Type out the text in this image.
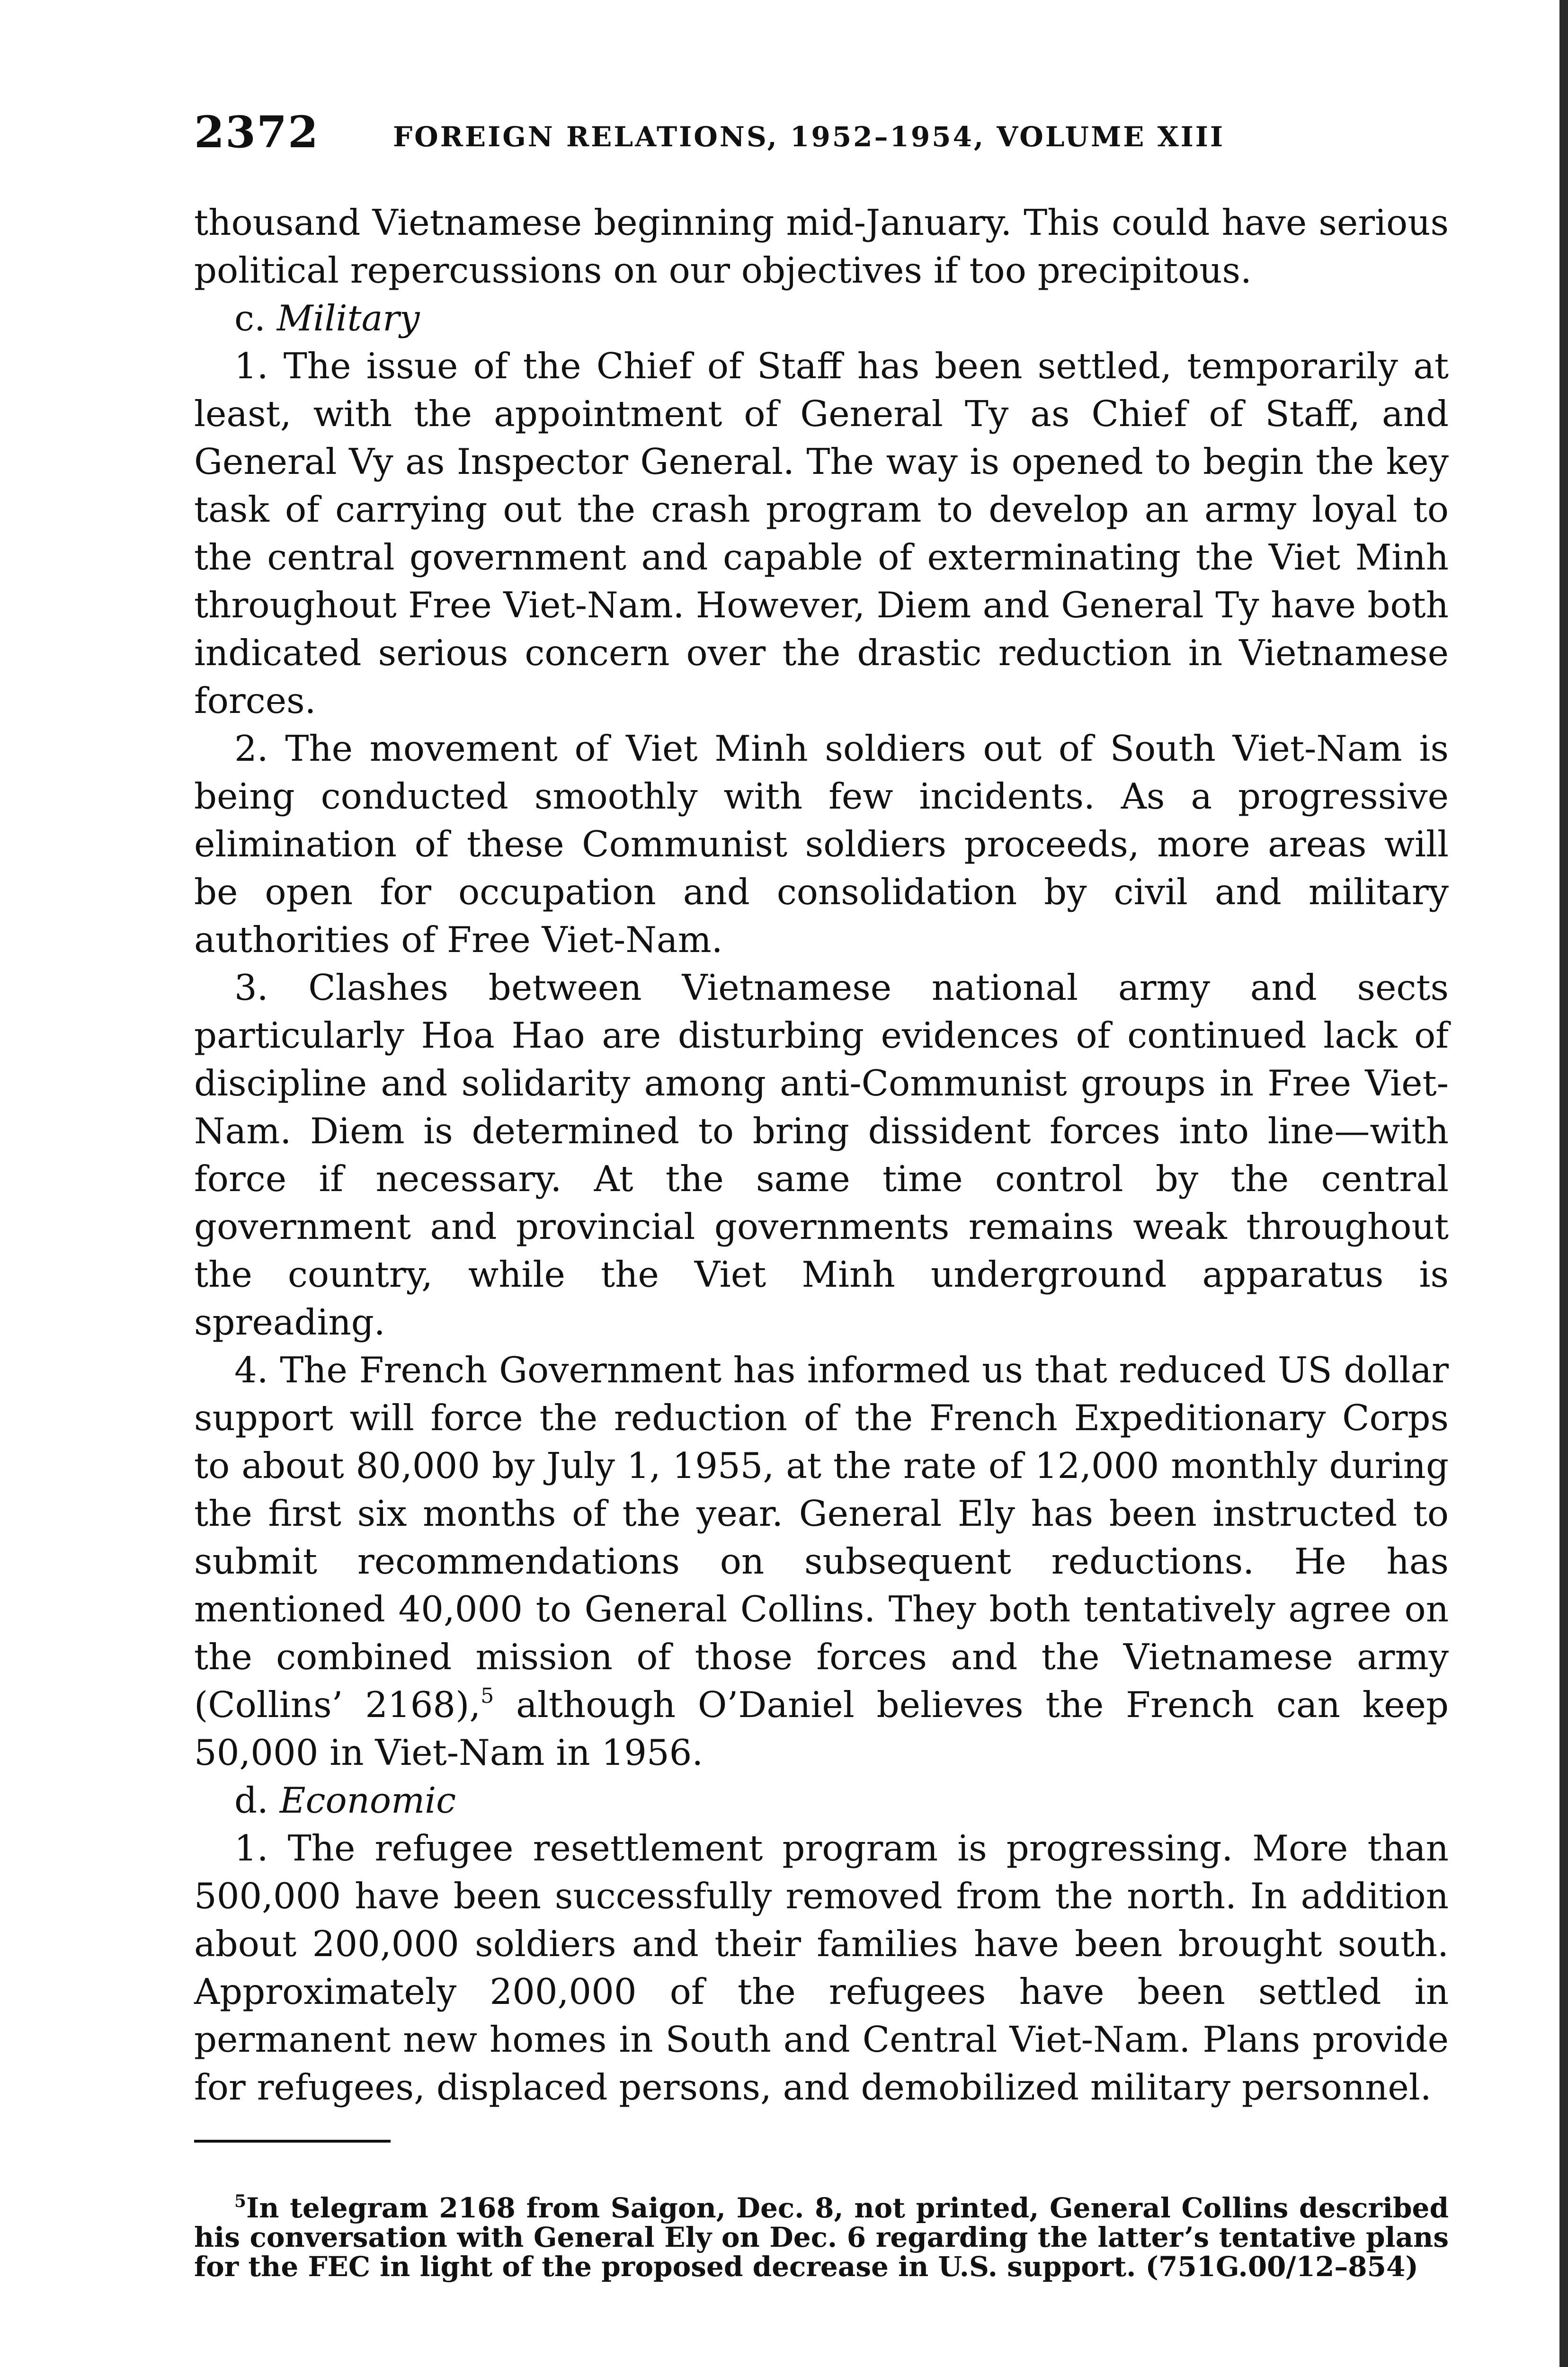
2372	FOREIGN RELATIONS, 1952–1954, VOLUME XIII

thousand Vietnamese beginning mid-January. This could have serious political repercussions on our objectives if too precipitous.

c. Military

1. The issue of the Chief of Staff has been settled, temporarily at least, with the appointment of General Ty as Chief of Staff, and General Vy as Inspector General. The way is opened to begin the key task of carrying out the crash program to develop an army loyal to the central government and capable of exterminating the Viet Minh throughout Free Viet-Nam. However, Diem and General Ty have both indicated serious concern over the drastic reduction in Vietnamese forces.

2. The movement of Viet Minh soldiers out of South Viet-Nam is being conducted smoothly with few incidents. As a progressive elimination of these Communist soldiers proceeds, more areas will be open for occupation and consolidation by civil and military authorities of Free Viet-Nam.

3. Clashes between Vietnamese national army and sects particularly Hoa Hao are disturbing evidences of continued lack of discipline and solidarity among anti-Communist groups in Free Viet-Nam. Diem is determined to bring dissident forces into line—with force if necessary. At the same time control by the central government and provincial governments remains weak throughout the country, while the Viet Minh underground apparatus is spreading.

4. The French Government has informed us that reduced US dollar support will force the reduction of the French Expeditionary Corps to about 80,000 by July 1, 1955, at the rate of 12,000 monthly during the first six months of the year. General Ely has been instructed to submit recommendations on subsequent reductions. He has mentioned 40,000 to General Collins. They both tentatively agree on the combined mission of those forces and the Vietnamese army (Collins’ 2168),$^5$ although O’Daniel believes the French can keep 50,000 in Viet-Nam in 1956.

d. Economic

1. The refugee resettlement program is progressing. More than 500,000 have been successfully removed from the north. In addition about 200,000 soldiers and their families have been brought south. Approximately 200,000 of the refugees have been settled in permanent new homes in South and Central Viet-Nam. Plans provide for refugees, displaced persons, and demobilized military personnel.

$^5$In telegram 2168 from Saigon, Dec. 8, not printed, General Collins described his conversation with General Ely on Dec. 6 regarding the latter’s tentative plans for the FEC in light of the proposed decrease in U.S. support. (751G.00/12–854)
